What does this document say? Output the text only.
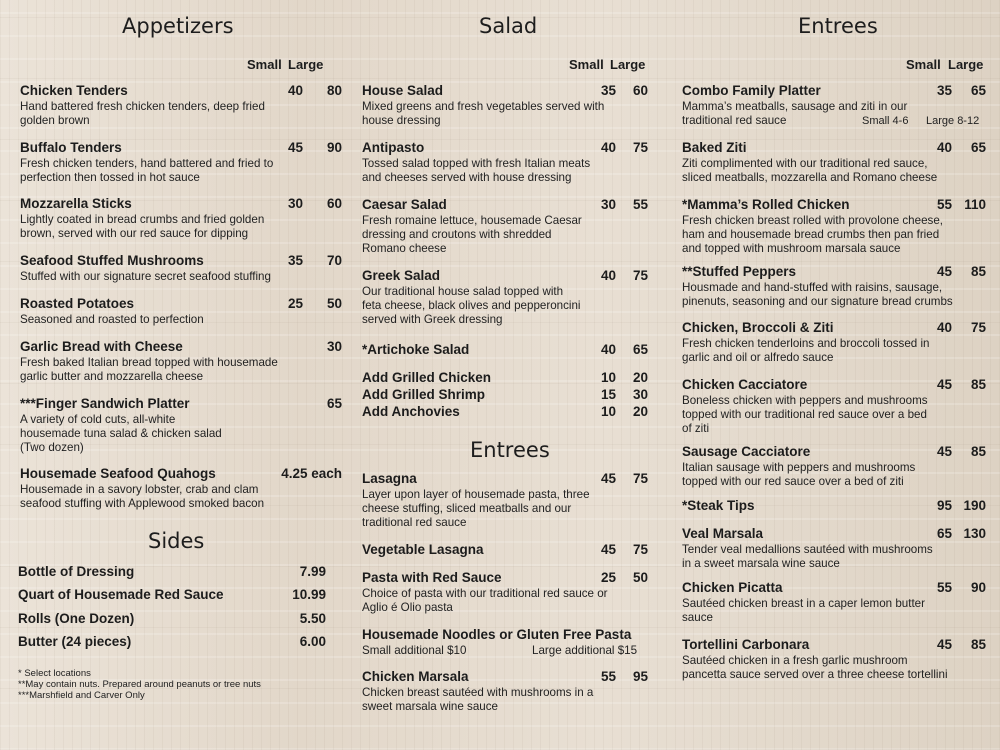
Appetizers
Small Large
Chicken Tenders	40	80
Hand battered fresh chicken tenders, deep fried
golden brown
Buffalo Tenders	45	90
Fresh chicken tenders, hand battered and fried to
perfection then tossed in hot sauce
Mozzarella Sticks	30	60
Lightly coated in bread crumbs and fried golden
brown, served with our red sauce for dipping
Seafood Stuffed Mushrooms	35	70
Stuffed with our signature secret seafood stuffing
Roasted Potatoes	25	50
Seasoned and roasted to perfection
Garlic Bread with Cheese	30
Fresh baked Italian bread topped with housemade
garlic butter and mozzarella cheese
***Finger Sandwich Platter	65
A variety of cold cuts, all-white
housemade tuna salad & chicken salad
(Two dozen)
Housemade Seafood Quahogs	4.25 each
Housemade in a savory lobster, crab and clam
seafood stuffing with Applewood smoked bacon
Sides
Bottle of Dressing	7.99
Quart of Housemade Red Sauce	10.99
Rolls (One Dozen)	5.50
Butter (24 pieces)	6.00
* Select locations
**May contain nuts. Prepared around peanuts or tree nuts
***Marshfield and Carver Only
Salad
Small Large
House Salad	35	60
Mixed greens and fresh vegetables served with
house dressing
Antipasto	40	75
Tossed salad topped with fresh Italian meats
and cheeses served with house dressing
Caesar Salad	30	55
Fresh romaine lettuce, housemade Caesar
dressing and croutons with shredded
Romano cheese
Greek Salad	40	75
Our traditional house salad topped with
feta cheese, black olives and pepperoncini
served with Greek dressing
*Artichoke Salad	40	65
Add Grilled Chicken	10	20
Add Grilled Shrimp	15	30
Add Anchovies	10	20
Entrees
Lasagna	45	75
Layer upon layer of housemade pasta, three
cheese stuffing, sliced meatballs and our
traditional red sauce
Vegetable Lasagna	45	75
Pasta with Red Sauce	25	50
Choice of pasta with our traditional red sauce or
Aglio é Olio pasta
Housemade Noodles or Gluten Free Pasta
Small additional $10	Large additional $15
Chicken Marsala	55	95
Chicken breast sautéed with mushrooms in a
sweet marsala wine sauce
Entrees
Small Large
Combo Family Platter	35	65
Mamma’s meatballs, sausage and ziti in our
traditional red sauce	Small 4-6 Large 8-12
Baked Ziti	40	65
Ziti complimented with our traditional red sauce,
sliced meatballs, mozzarella and Romano cheese
*Mamma’s Rolled Chicken	55 110
Fresh chicken breast rolled with provolone cheese,
ham and housemade bread crumbs then pan fried
and topped with mushroom marsala sauce
**Stuffed Peppers	45	85
Housmade and hand-stuffed with raisins, sausage,
pinenuts, seasoning and our signature bread crumbs
Chicken, Broccoli & Ziti	40	75
Fresh chicken tenderloins and broccoli tossed in
garlic and oil or alfredo sauce
Chicken Cacciatore	45	85
Boneless chicken with peppers and mushrooms
topped with our traditional red sauce over a bed
of ziti
Sausage Cacciatore	45	85
Italian sausage with peppers and mushrooms
topped with our red sauce over a bed of ziti
*Steak Tips	95 190
Veal Marsala	65 130
Tender veal medallions sautéed with mushrooms
in a sweet marsala wine sauce
Chicken Picatta	55	90
Sautéed chicken breast in a caper lemon butter
sauce
Tortellini Carbonara	45	85
Sautéed chicken in a fresh garlic mushroom
pancetta sauce served over a three cheese tortellini
